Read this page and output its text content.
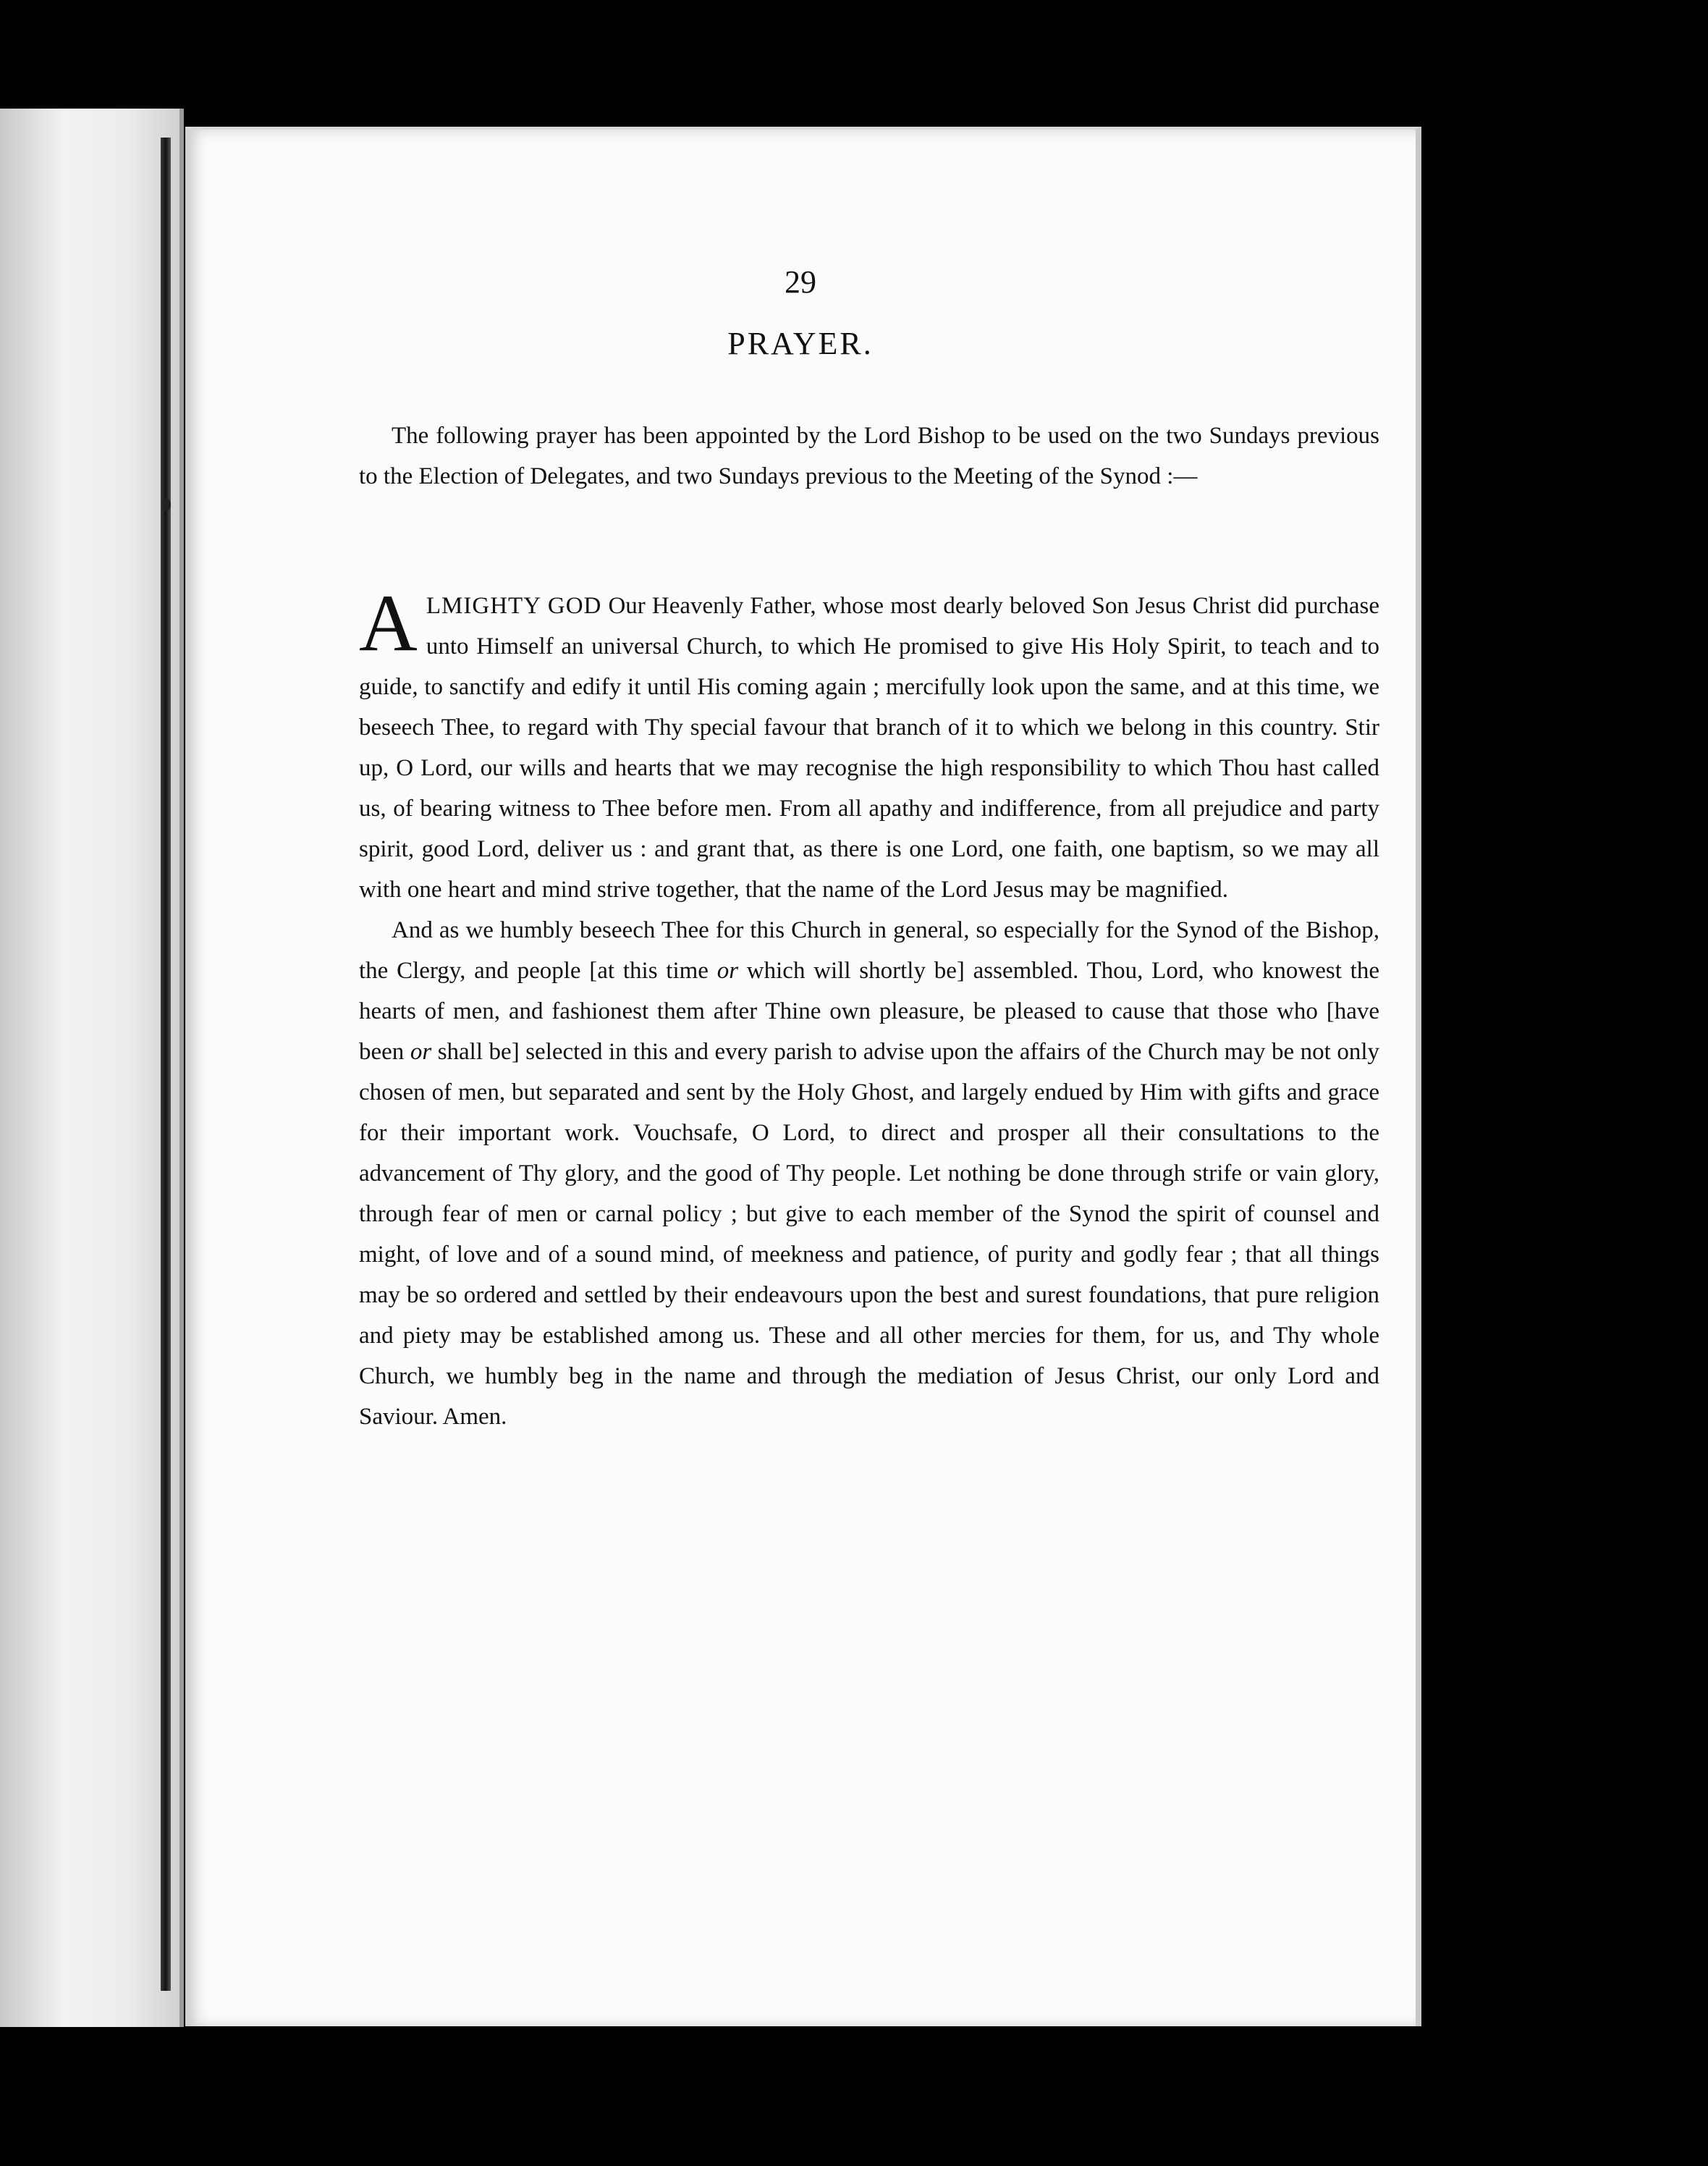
29
PRAYER.

The following prayer has been appointed by the Lord Bishop to be used on the two Sundays previous to the Election of Delegates, and two Sundays previous to the Meeting of the Synod :—

ALMIGHTY GOD Our Heavenly Father, whose most dearly beloved Son Jesus Christ did purchase unto Himself an universal Church, to which He promised to give His Holy Spirit, to teach and to guide, to sanctify and edify it until His coming again ; mercifully look upon the same, and at this time, we beseech Thee, to regard with Thy special favour that branch of it to which we belong in this country. Stir up, O Lord, our wills and hearts that we may recognise the high responsibility to which Thou hast called us, of bearing witness to Thee before men. From all apathy and indifference, from all prejudice and party spirit, good Lord, deliver us : and grant that, as there is one Lord, one faith, one baptism, so we may all with one heart and mind strive together, that the name of the Lord Jesus may be magnified.

And as we humbly beseech Thee for this Church in general, so especially for the Synod of the Bishop, the Clergy, and people [at this time or which will shortly be] assembled. Thou, Lord, who knowest the hearts of men, and fashionest them after Thine own pleasure, be pleased to cause that those who [have been or shall be] selected in this and every parish to advise upon the affairs of the Church may be not only chosen of men, but separated and sent by the Holy Ghost, and largely endued by Him with gifts and grace for their important work. Vouchsafe, O Lord, to direct and prosper all their consultations to the advancement of Thy glory, and the good of Thy people. Let nothing be done through strife or vain glory, through fear of men or carnal policy ; but give to each member of the Synod the spirit of counsel and might, of love and of a sound mind, of meekness and patience, of purity and godly fear ; that all things may be so ordered and settled by their endeavours upon the best and surest foundations, that pure religion and piety may be established among us. These and all other mercies for them, for us, and Thy whole Church, we humbly beg in the name and through the mediation of Jesus Christ, our only Lord and Saviour. Amen.
